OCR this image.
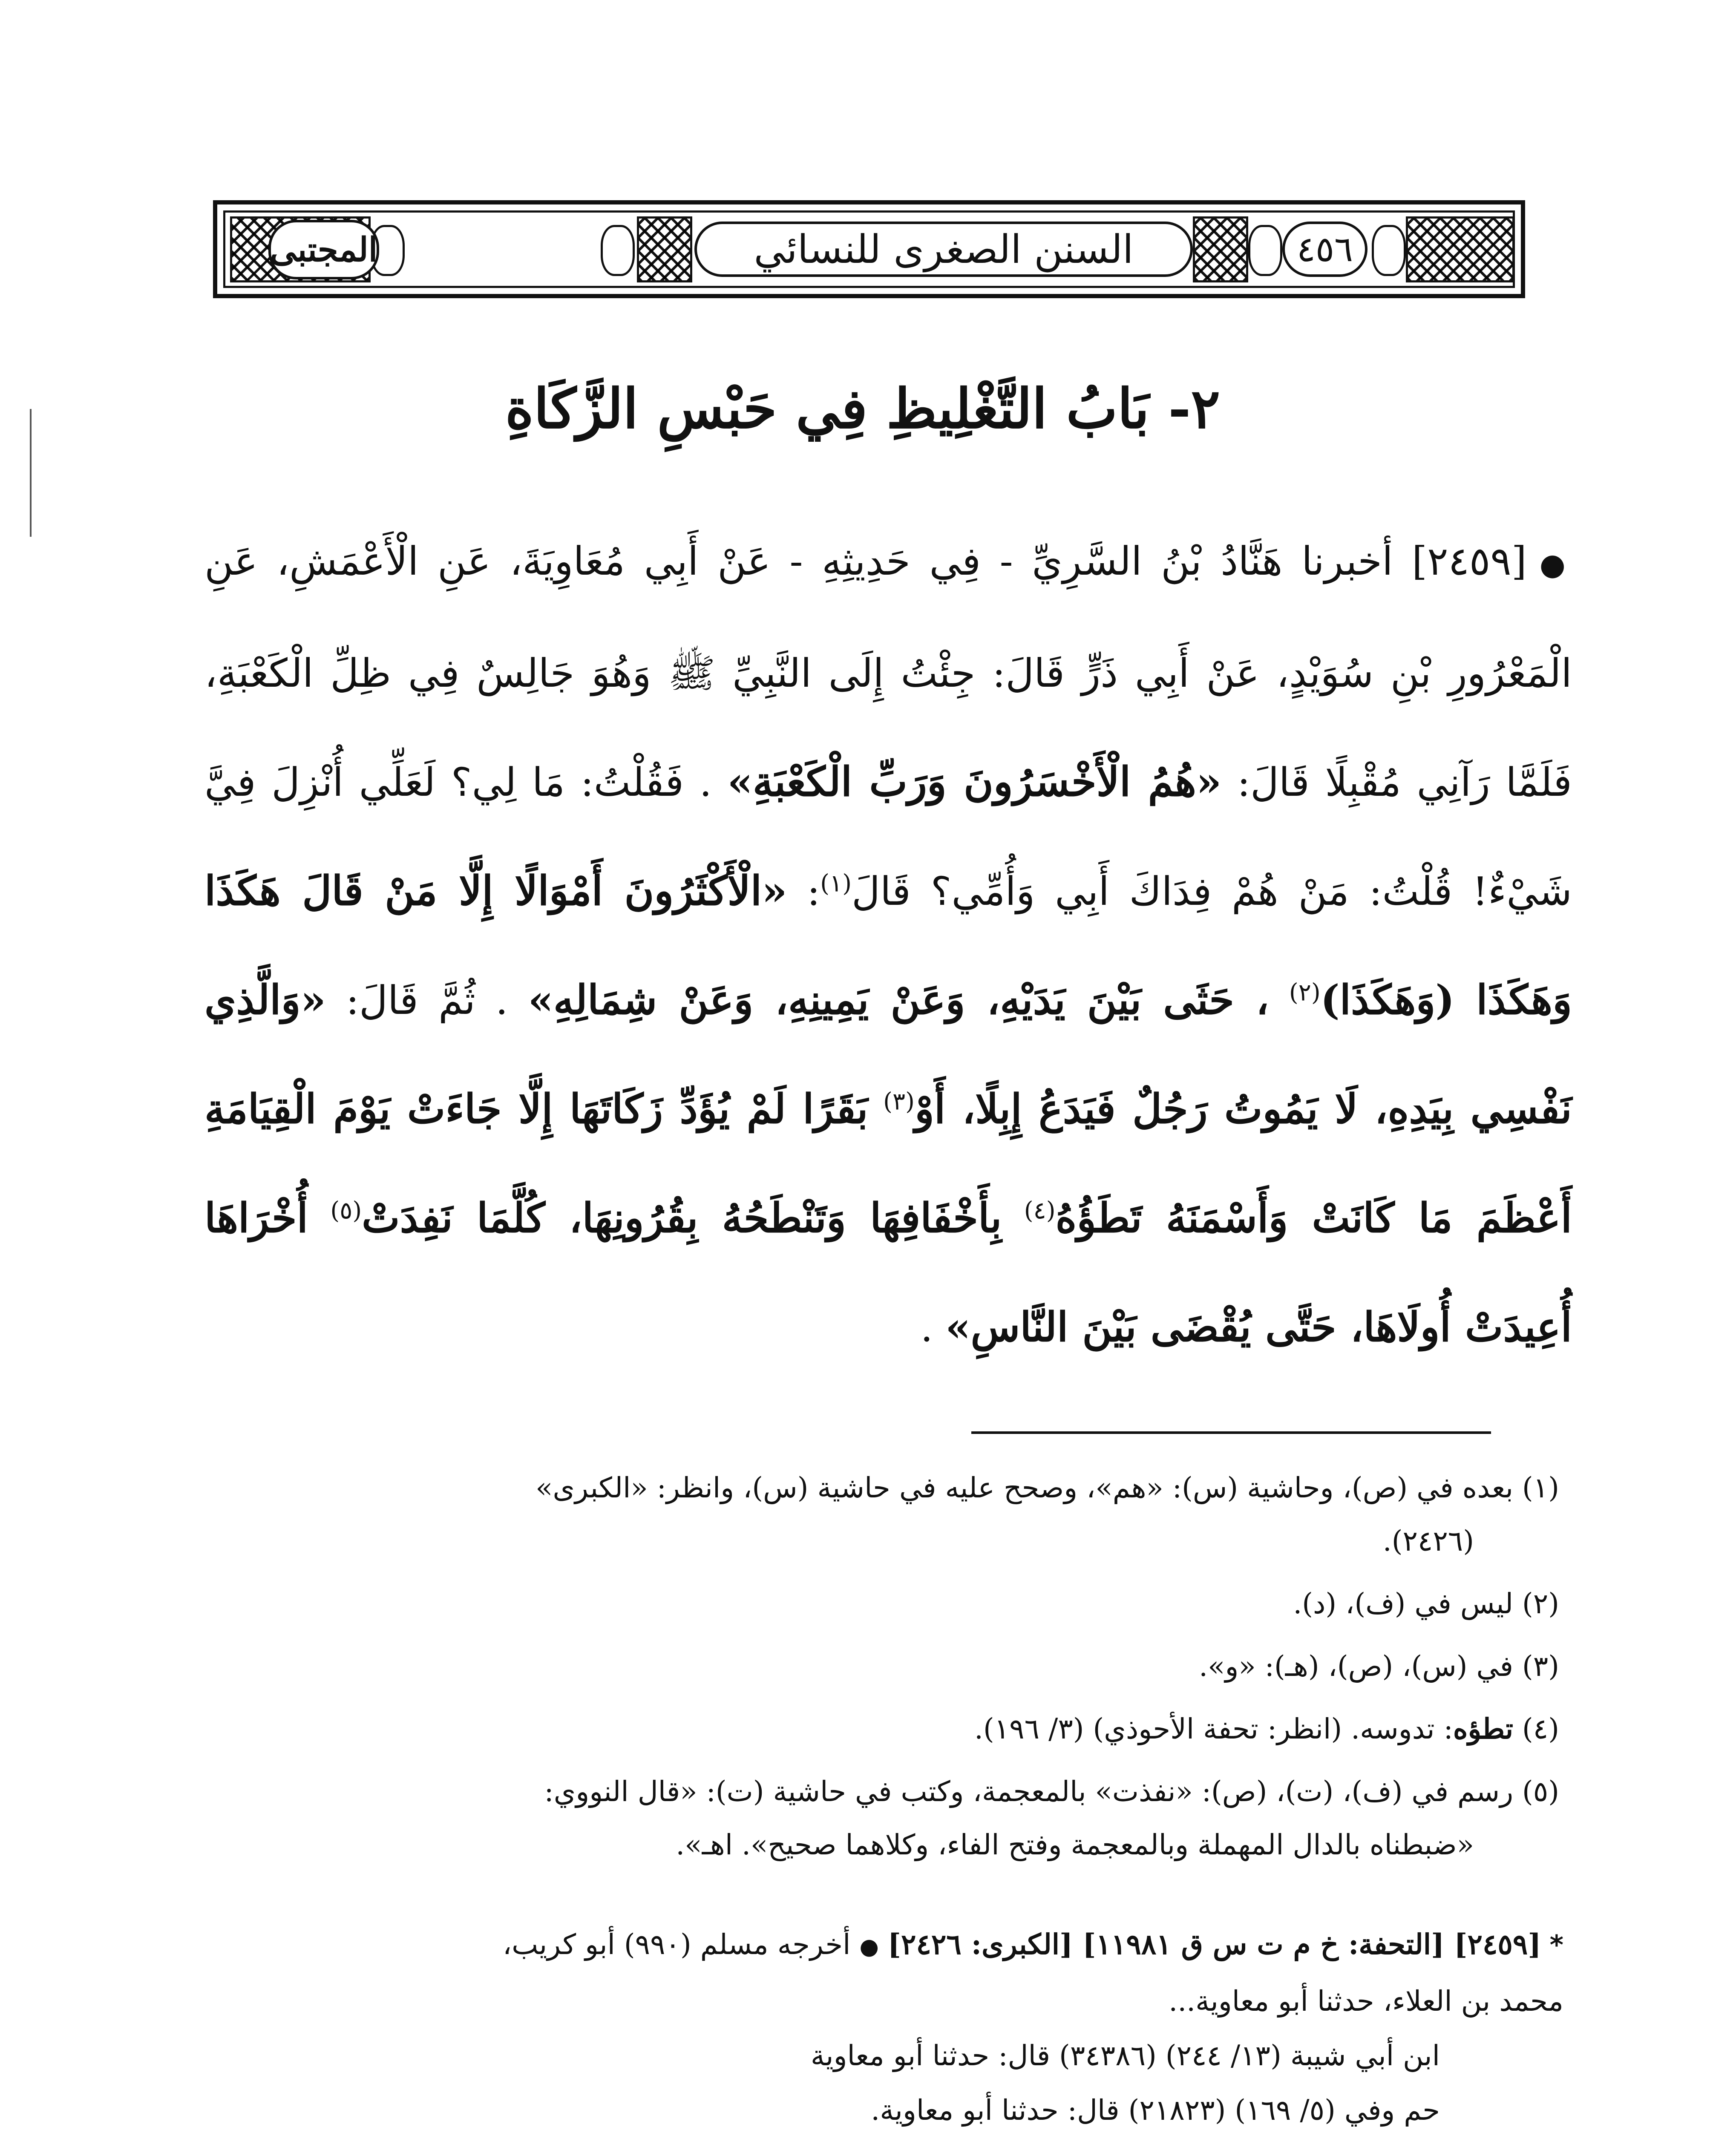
المجتبى	السنن الصغرى للنسائي	٤٥٦
٢- بَابُ التَّغْلِيظِ فِي حَبْسِ الزَّكَاةِ
●[٢٤٥٩] أخبرنا هَنَّادُ بْنُ السَّرِيِّ - فِي حَدِيثِهِ - عَنْ أَبِي مُعَاوِيَةَ، عَنِ الْأَعْمَشِ، عَنِ الْمَعْرُورِ بْنِ سُوَيْدٍ، عَنْ أَبِي ذَرٍّ قَالَ: جِئْتُ إِلَى النَّبِيِّ ﷺ وَهُوَ جَالِسٌ فِي ظِلِّ الْكَعْبَةِ، فَلَمَّا رَآنِي مُقْبِلًا قَالَ: «هُمُ الْأَخْسَرُونَ وَرَبِّ الْكَعْبَةِ» . فَقُلْتُ: مَا لِي؟ لَعَلِّي أُنْزِلَ فِيَّ شَيْءٌ! قُلْتُ: مَنْ هُمْ فِدَاكَ أَبِي وَأُمِّي؟ قَالَ$^{(١)}$: «الْأَكْثَرُونَ أَمْوَالًا إِلَّا مَنْ قَالَ هَكَذَا وَهَكَذَا (وَهَكَذَا)$^{(٢)}$ ، حَثَى بَيْنَ يَدَيْهِ، وَعَنْ يَمِينِهِ، وَعَنْ شِمَالِهِ» . ثُمَّ قَالَ: «وَالَّذِي نَفْسِي بِيَدِهِ، لَا يَمُوتُ رَجُلٌ فَيَدَعُ إِبِلًا، أَوْ$^{(٣)}$ بَقَرًا لَمْ يُؤَدِّ زَكَاتَهَا إِلَّا جَاءَتْ يَوْمَ الْقِيَامَةِ أَعْظَمَ مَا كَانَتْ وَأَسْمَنَهُ تَطَؤُهُ$^{(٤)}$ بِأَخْفَافِهَا وَتَنْطَحُهُ بِقُرُونِهَا، كُلَّمَا نَفِدَتْ$^{(٥)}$ أُخْرَاهَا أُعِيدَتْ أُولَاهَا، حَتَّى يُقْضَى بَيْنَ النَّاسِ» .

(١) بعده في (ص)، وحاشية (س): «هم»، وصحح عليه في حاشية (س)، وانظر: «الكبرى»
(٢٤٢٦).

(٢) ليس في (ف)، (د).

(٣) في (س)، (ص)، (هـ): «و».

(٤) تطؤه: تدوسه. (انظر: تحفة الأحوذي) (٣/ ١٩٦).

(٥) رسم في (ف)، (ت)، (ص): «نفذت» بالمعجمة، وكتب في حاشية (ت): «قال النووي:
«ضبطناه بالدال المهملة وبالمعجمة وفتح الفاء، وكلاهما صحيح». اهـ».

*[٢٤٥٩] [التحفة: خ م ت س ق ١١٩٨١] [الكبرى: ٢٤٢٦] ● أخرجه مسلم (٩٩٠) أبو كريب،

محمد بن العلاء، حدثنا أبو معاوية...

ابن أبي شيبة (١٣/ ٢٤٤) (٣٤٣٨٦) قال: حدثنا أبو معاوية

حم وفي (٥/ ١٦٩) (٢١٨٢٣) قال: حدثنا أبو معاوية.
